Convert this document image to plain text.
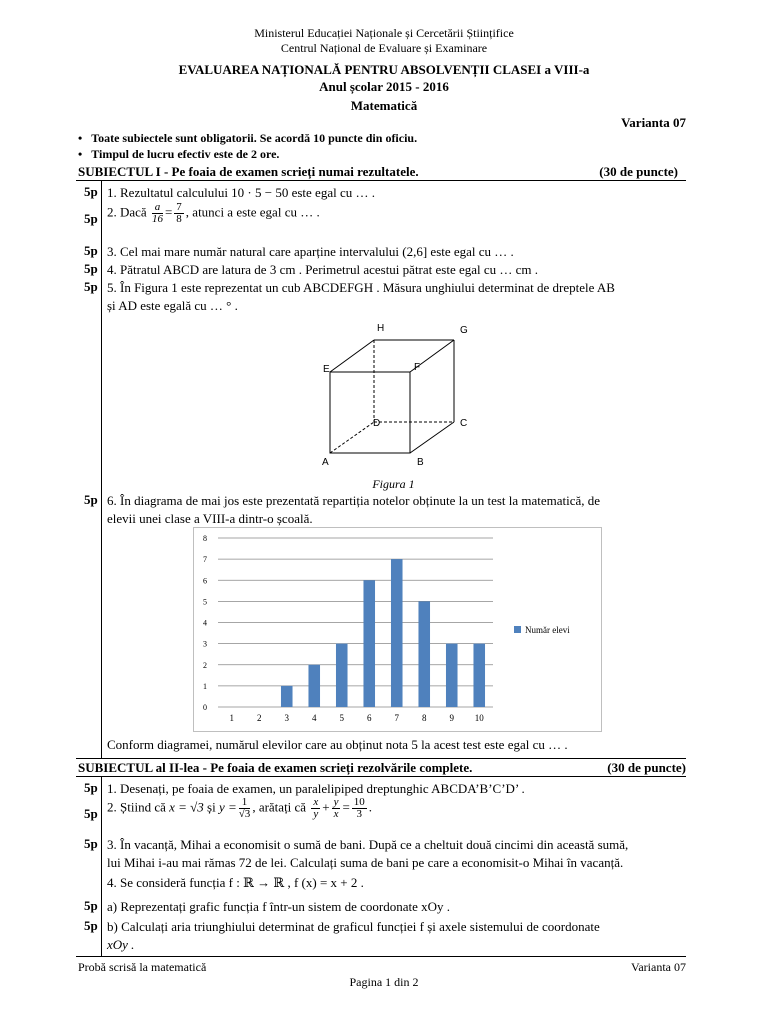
Ministerul Educației Naționale și Cercetării Științifice
Centrul Național de Evaluare și Examinare
EVALUAREA NAȚIONALĂ PENTRU ABSOLVENȚII CLASEI a VIII-a
Anul școlar 2015 - 2016
Matematică
Varianta 07
•   Toate subiectele sunt obligatorii. Se acordă 10 puncte din oficiu.
•   Timpul de lucru efectiv este de 2 ore.
SUBIECTUL I - Pe foaia de examen scrieți numai rezultatele.	(30 de puncte)
5p 1. Rezultatul calculului 10 · 5 − 50 este egal cu … .
5p 2. Dacă $\frac{a}{16} = \frac{7}{8}$ , atunci a este egal cu … .
5p 3. Cel mai mare număr natural care aparține intervalului (2,6] este egal cu … .
5p 4. Pătratul ABCD are latura de 3 cm . Perimetrul acestui pătrat este egal cu … cm .
5p 5. În Figura 1 este reprezentat un cub ABCDEFGH . Măsura unghiului determinat de dreptele AB
și AD este egală cu … ° .
H	G
E	F
D	C
A	B
Figura 1
5p 6. În diagrama de mai jos este prezentată repartiția notelor obținute la un test la matematică, de
elevii unei clase a VIII-a dintr-o școală.
0
1
2
3
4
5
6
7
8
1	2	3	4	5	6	7	8	9 10
Număr elevi
Conform diagramei, numărul elevilor care au obținut nota 5 la acest test este egal cu … .
SUBIECTUL al II-lea - Pe foaia de examen scrieți rezolvările complete.	(30 de puncte)
5p 1. Desenați, pe foaia de examen, un paralelipiped dreptunghic ABCDA’B’C’D’ .
5p 2. Știind că x = √3 și $y = \frac{1}{√3}$ , arătați că $\frac{x}{y} + \frac{y}{x} = \frac{10}{3}$ .
5p 3. În vacanță, Mihai a economisit o sumă de bani. După ce a cheltuit două cincimi din această sumă,
lui Mihai i-au mai rămas 72 de lei. Calculați suma de bani pe care a economisit-o Mihai în vacanță.
4. Se consideră funcția f : ℝ → ℝ , f (x) = x + 2 .
5p a) Reprezentați grafic funcția f într-un sistem de coordonate xOy .
5p b) Calculați aria triunghiului determinat de graficul funcției f și axele sistemului de coordonate
xOy .
Probă scrisă la matematică	Varianta 07
Pagina 1 din 2
